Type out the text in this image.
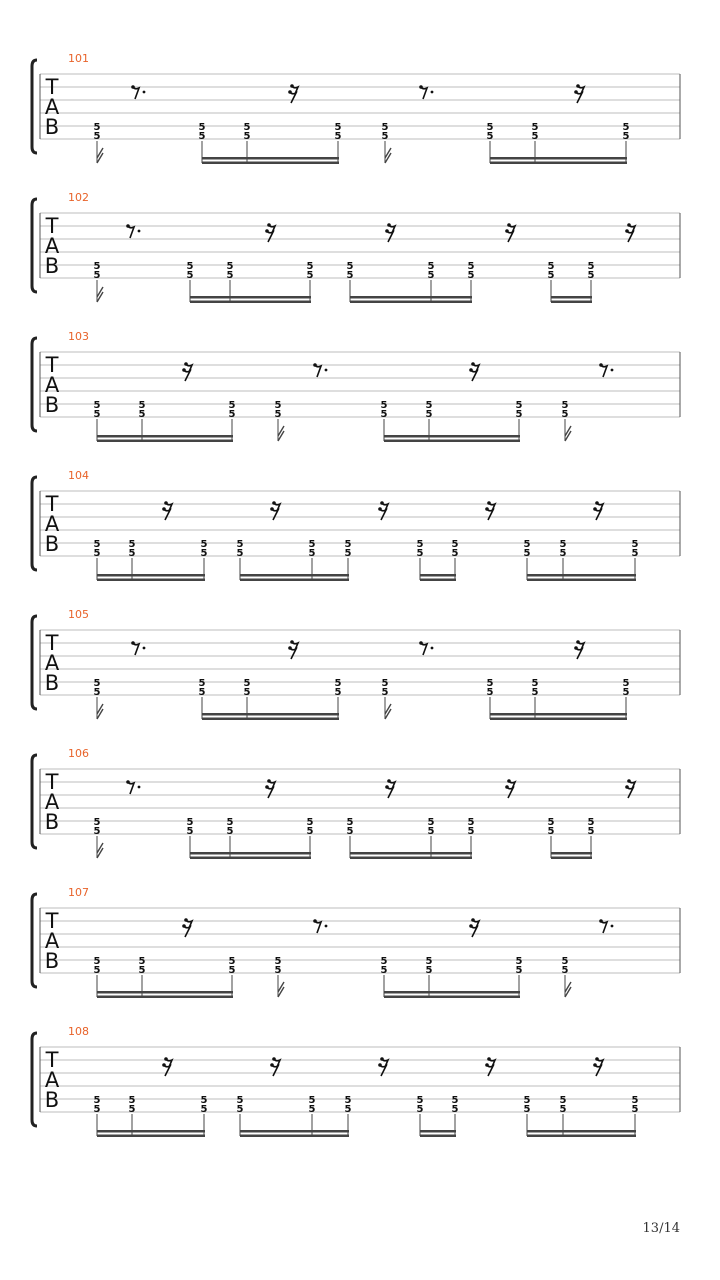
101
T
A
B	5
5
5
5
5
5
5
5
5
5
5
5
5
5
5
5
102
T
A
B	5
5
5
5
5
5
5
5
5
5
5
5
5
5
5
5
5
5
103
T
A
B	5
5
5
5
5
5
5
5
5
5
5
5
5
5
5
5
104
T
A
B	5
5
5
5
5
5
5
5
5
5
5
5
5
5
5
5
5
5
5
5
5
5
105
T
A
B	5
5
5
5
5
5
5
5
5
5
5
5
5
5
5
5
106
T
A
B	5
5
5
5
5
5
5
5
5
5
5
5
5
5
5
5
5
5
107
T
A
B	5
5
5
5
5
5
5
5
5
5
5
5
5
5
5
5
108
T
A
B	5
5
5
5
5
5
5
5
5
5
5
5
5
5
5
5
5
5
5
5
5
5
13/14
